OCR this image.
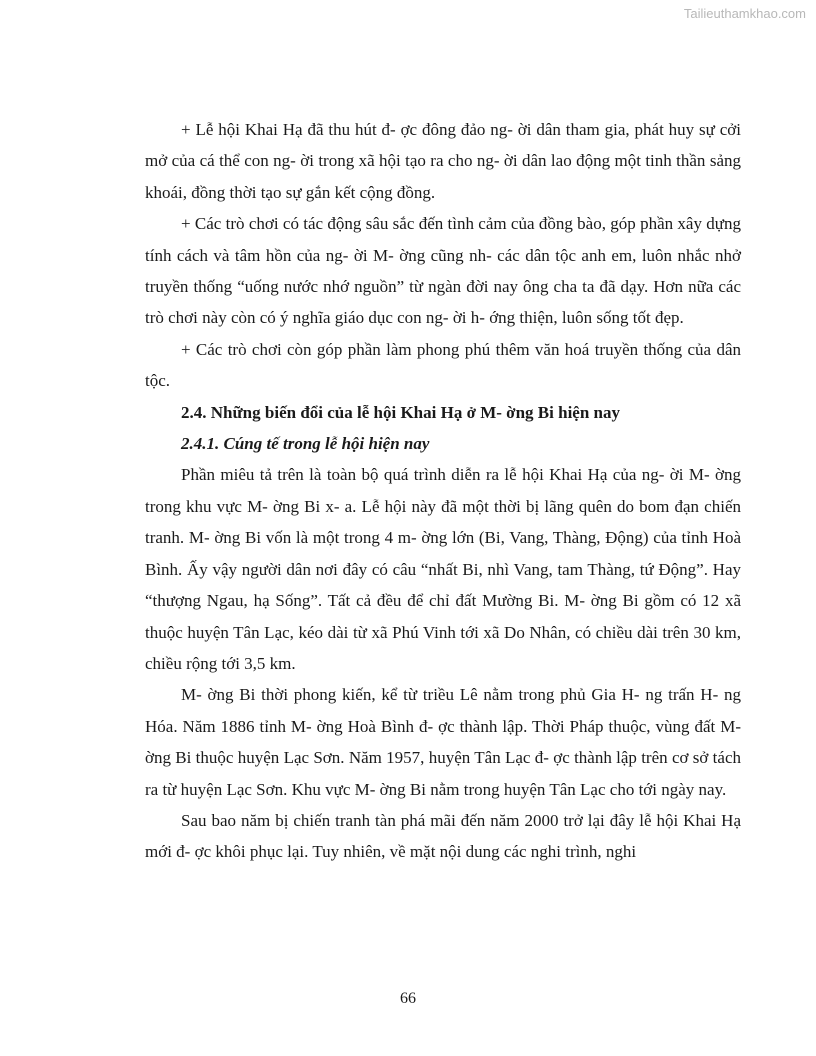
Tailieuthamkhao.com

+ Lễ hội Khai Hạ đã thu hút đ- ợc đông đảo ng- ời dân tham gia, phát huy sự cởi mở của cá thể con ng- ời trong xã hội tạo ra cho ng- ời dân lao động một tinh thần sảng khoái, đồng thời tạo sự gắn kết cộng đồng.

+ Các trò chơi có tác động sâu sắc đến tình cảm của đồng bào, góp phần xây dựng tính cách và tâm hồn của ng- ời M- ờng cũng nh- các dân tộc anh em, luôn nhắc nhở truyền thống “uống nước nhớ nguồn” từ ngàn đời nay ông cha ta đã dạy. Hơn nữa các trò chơi này còn có ý nghĩa giáo dục con ng- ời h- ớng thiện, luôn sống tốt đẹp.

+ Các trò chơi còn góp phần làm phong phú thêm văn hoá truyền thống của dân tộc.

2.4. Những biến đổi của lễ hội Khai Hạ ở M- ờng Bi hiện nay
2.4.1. Cúng tế trong lễ hội hiện nay

Phần miêu tả trên là toàn bộ quá trình diễn ra lễ hội Khai Hạ của ng- ời M- ờng trong khu vực M- ờng Bi x- a. Lễ hội này đã một thời bị lãng quên do bom đạn chiến tranh. M- ờng Bi vốn là một trong 4 m- ờng lớn (Bi, Vang, Thàng, Động) của tỉnh Hoà Bình. Ấy vậy người dân nơi đây có câu “nhất Bi, nhì Vang, tam Thàng, tứ Động”. Hay “thượng Ngau, hạ Sống”. Tất cả đều để chỉ đất Mường Bi. M- ờng Bi gồm có 12 xã thuộc huyện Tân Lạc, kéo dài từ xã Phú Vinh tới xã Do Nhân, có chiều dài trên 30 km, chiều rộng tới 3,5 km.

M- ờng Bi thời phong kiến, kể từ triều Lê nằm trong phủ Gia H- ng trấn H- ng Hóa. Năm 1886 tỉnh M- ờng Hoà Bình đ- ợc thành lập. Thời Pháp thuộc, vùng đất M- ờng Bi thuộc huyện Lạc Sơn. Năm 1957, huyện Tân Lạc đ- ợc thành lập trên cơ sở tách ra từ huyện Lạc Sơn. Khu vực M- ờng Bi nằm trong huyện Tân Lạc cho tới ngày nay.

Sau bao năm bị chiến tranh tàn phá mãi đến năm 2000 trở lại đây lễ hội Khai Hạ mới đ- ợc khôi phục lại. Tuy nhiên, về mặt nội dung các nghi trình, nghi

66
